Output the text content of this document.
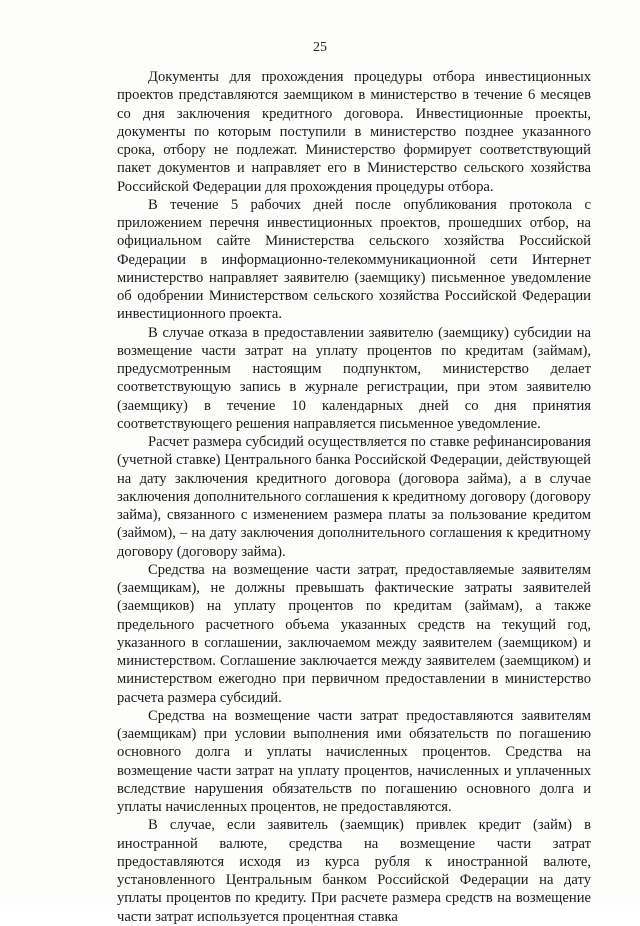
25

Документы для прохождения процедуры отбора инвестиционных проектов представляются заемщиком в министерство в течение 6 месяцев со дня заключения кредитного договора. Инвестиционные проекты, документы по которым поступили в министерство позднее указанного срока, отбору не подлежат. Министерство формирует соответствующий пакет документов и направляет его в Министерство сельского хозяйства Российской Федерации для прохождения процедуры отбора.

В течение 5 рабочих дней после опубликования протокола с приложением перечня инвестиционных проектов, прошедших отбор, на официальном сайте Министерства сельского хозяйства Российской Федерации в информационно-телекоммуникационной сети Интернет министерство направляет заявителю (заемщику) письменное уведомление об одобрении Министерством сельского хозяйства Российской Федерации инвестиционного проекта.

В случае отказа в предоставлении заявителю (заемщику) субсидии на возмещение части затрат на уплату процентов по кредитам (займам), предусмотренным настоящим подпунктом, министерство делает соответствующую запись в журнале регистрации, при этом заявителю (заемщику) в течение 10 календарных дней со дня принятия соответствующего решения направляется письменное уведомление.

Расчет размера субсидий осуществляется по ставке рефинансирования (учетной ставке) Центрального банка Российской Федерации, действующей на дату заключения кредитного договора (договора займа), а в случае заключения дополнительного соглашения к кредитному договору (договору займа), связанного с изменением размера платы за пользование кредитом (займом), – на дату заключения дополнительного соглашения к кредитному договору (договору займа).

Средства на возмещение части затрат, предоставляемые заявителям (заемщикам), не должны превышать фактические затраты заявителей (заемщиков) на уплату процентов по кредитам (займам), а также предельного расчетного объема указанных средств на текущий год, указанного в соглашении, заключаемом между заявителем (заемщиком) и министерством. Соглашение заключается между заявителем (заемщиком) и министерством ежегодно при первичном предоставлении в министерство расчета размера субсидий.

Средства на возмещение части затрат предоставляются заявителям (заемщикам) при условии выполнения ими обязательств по погашению основного долга и уплаты начисленных процентов. Средства на возмещение части затрат на уплату процентов, начисленных и уплаченных вследствие нарушения обязательств по погашению основного долга и уплаты начисленных процентов, не предоставляются.

В случае, если заявитель (заемщик) привлек кредит (займ) в иностранной валюте, средства на возмещение части затрат предоставляются исходя из курса рубля к иностранной валюте, установленного Центральным банком Российской Федерации на дату уплаты процентов по кредиту. При расчете размера средств на возмещение части затрат используется процентная ставка
